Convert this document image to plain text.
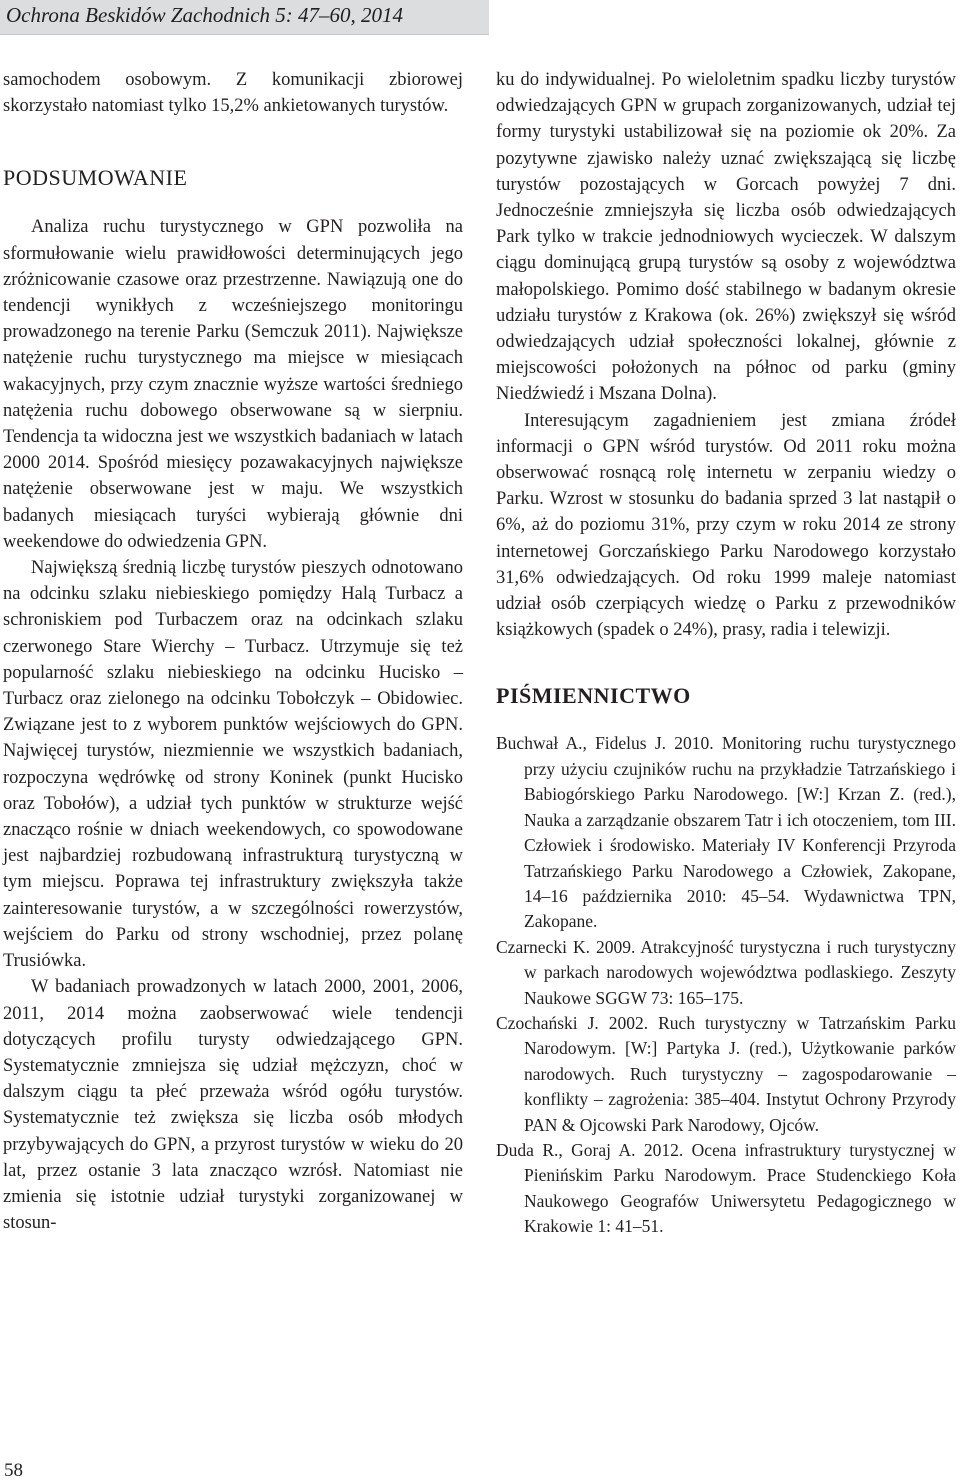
Ochrona Beskidów Zachodnich 5: 47–60, 2014

samochodem osobowym. Z komunikacji zbiorowej skorzystało natomiast tylko 15,2% ankietowanych turystów.

PODSUMOWANIE

Analiza ruchu turystycznego w GPN pozwoliła na sformułowanie wielu prawidłowości determinujących jego zróżnicowanie czasowe oraz przestrzenne. Nawiązują one do tendencji wynikłych z wcześniejszego monitoringu prowadzonego na terenie Parku (Semczuk 2011). Największe natężenie ruchu turystycznego ma miejsce w miesiącach wakacyjnych, przy czym znacznie wyższe wartości średniego natężenia ruchu dobowego obserwowane są w sierpniu. Tendencja ta widoczna jest we wszystkich badaniach w latach 2000 2014. Spośród miesięcy pozawakacyjnych największe natężenie obserwowane jest w maju. We wszystkich badanych miesiącach turyści wybierają głównie dni weekendowe do odwiedzenia GPN.

Największą średnią liczbę turystów pieszych odnotowano na odcinku szlaku niebieskiego pomiędzy Halą Turbacz a schroniskiem pod Turbaczem oraz na odcinkach szlaku czerwonego Stare Wierchy – Turbacz. Utrzymuje się też popularność szlaku niebieskiego na odcinku Hucisko – Turbacz oraz zielonego na odcinku Tobołczyk – Obidowiec. Związane jest to z wyborem punktów wejściowych do GPN. Najwięcej turystów, niezmiennie we wszystkich badaniach, rozpoczyna wędrówkę od strony Koninek (punkt Hucisko oraz Tobołów), a udział tych punktów w strukturze wejść znacząco rośnie w dniach weekendowych, co spowodowane jest najbardziej rozbudowaną infrastrukturą turystyczną w tym miejscu. Poprawa tej infrastruktury zwiększyła także zainteresowanie turystów, a w szczególności rowerzystów, wejściem do Parku od strony wschodniej, przez polanę Trusiówka.

W badaniach prowadzonych w latach 2000, 2001, 2006, 2011, 2014 można zaobserwować wiele tendencji dotyczących profilu turysty odwiedzającego GPN. Systematycznie zmniejsza się udział mężczyzn, choć w dalszym ciągu ta płeć przeważa wśród ogółu turystów. Systematycznie też zwiększa się liczba osób młodych przybywających do GPN, a przyrost turystów w wieku do 20 lat, przez ostanie 3 lata znacząco wzrósł. Natomiast nie zmienia się istotnie udział turystyki zorganizowanej w stosun-

ku do indywidualnej. Po wieloletnim spadku liczby turystów odwiedzających GPN w grupach zorganizowanych, udział tej formy turystyki ustabilizował się na poziomie ok 20%. Za pozytywne zjawisko należy uznać zwiększającą się liczbę turystów pozostających w Gorcach powyżej 7 dni. Jednocześnie zmniejszyła się liczba osób odwiedzających Park tylko w trakcie jednodniowych wycieczek. W dalszym ciągu dominującą grupą turystów są osoby z województwa małopolskiego. Pomimo dość stabilnego w badanym okresie udziału turystów z Krakowa (ok. 26%) zwiększył się wśród odwiedzających udział społeczności lokalnej, głównie z miejscowości położonych na północ od parku (gminy Niedźwiedź i Mszana Dolna).

Interesującym zagadnieniem jest zmiana źródeł informacji o GPN wśród turystów. Od 2011 roku można obserwować rosnącą rolę internetu w zerpaniu wiedzy o Parku. Wzrost w stosunku do badania sprzed 3 lat nastąpił o 6%, aż do poziomu 31%, przy czym w roku 2014 ze strony internetowej Gorczańskiego Parku Narodowego korzystało 31,6% odwiedzających. Od roku 1999 maleje natomiast udział osób czerpiących wiedzę o Parku z przewodników książkowych (spadek o 24%), prasy, radia i telewizji.

PIŚMIENNICTWO
Buchwał A., Fidelus J. 2010. Monitoring ruchu turystycznego przy użyciu czujników ruchu na przykładzie Tatrzańskiego i Babiogórskiego Parku Narodowego. [W:] Krzan Z. (red.), Nauka a zarządzanie obszarem Tatr i ich otoczeniem, tom III. Człowiek i środowisko. Materiały IV Konferencji Przyroda Tatrzańskiego Parku Narodowego a Człowiek, Zakopane, 14–16 października 2010: 45–54. Wydawnictwa TPN, Zakopane.
Czarnecki K. 2009. Atrakcyjność turystyczna i ruch turystyczny w parkach narodowych województwa podlaskiego. Zeszyty Naukowe SGGW 73: 165–175.
Czochański J. 2002. Ruch turystyczny w Tatrzańskim Parku Narodowym. [W:] Partyka J. (red.), Użytkowanie parków narodowych. Ruch turystyczny – zagospodarowanie – konflikty – zagrożenia: 385–404. Instytut Ochrony Przyrody PAN & Ojcowski Park Narodowy, Ojców.
Duda R., Goraj A. 2012. Ocena infrastruktury turystycznej w Pienińskim Parku Narodowym. Prace Studenckiego Koła Naukowego Geografów Uniwersytetu Pedagogicznego w Krakowie 1: 41–51.
58
